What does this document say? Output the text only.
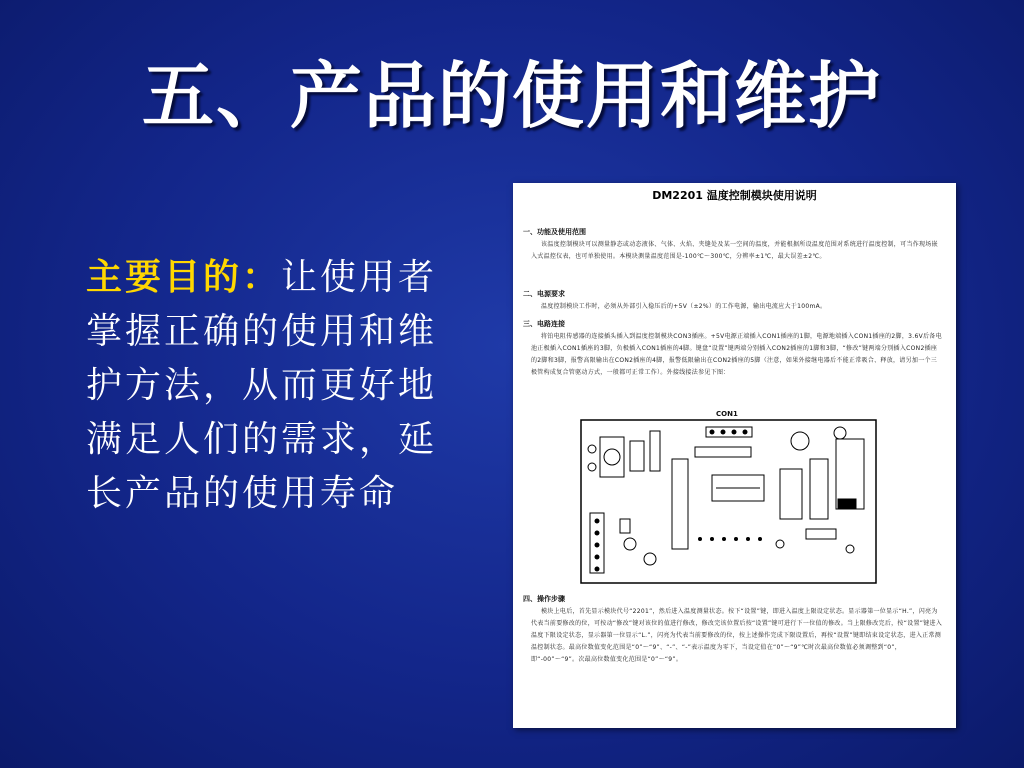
五、产品的使用和维护
主要目的：让使用者掌握正确的使用和维护方法，从而更好地满足人们的需求，延长产品的使用寿命
DM2201 温度控制模块使用说明
一、功能及使用范围
该温度控制模块可以测量静态或动态液体、气体、火焰、夹缝处及某一空间的温度，并能根据所设温度范围对系统进行温度控制，可当作现场嵌入式温控仪表，也可单独使用。本模块测量温度范围是-100℃～300℃，分辨率±1℃，最大误差±2℃。
二、电源要求
温度控制模块工作时，必须从外部引入稳压后的+5V（±2%）的工作电源，输出电流应大于100mA。
三、电路连接
将铂电阻传感器的连接插头插入到温度控制模块CON3插座。+5V电源正端插入CON1插座的1脚，电源地端插入CON1插座的2脚，3.6V后备电池正极插入CON1插座的3脚，负极插入CON1插座的4脚。键盘“设置”键两端分别插入CON2插座的1脚和3脚，“修改”键两端分别插入CON2插座的2脚和3脚，报警高限输出在CON2插座的4脚，报警低限输出在CON2插座的5脚（注意，如果外接继电器后不能正常吸合、释放，请另加一个三极管构成复合管驱动方式，一般都可正常工作）。外接线接法参见下图：
CON1
四、操作步骤
模块上电后，首先显示模块代号“2201”，然后进入温度测量状态。按下“设置”键，即进入温度上限设定状态。显示器第一位显示“H.”，闪亮为代表当前要修改的位，可按动“修改”键对该位的值进行修改，修改完该位置后按“设置”键可进行下一位值的修改。当上限修改完后，按“设置”键进入温度下限设定状态，显示器第一位显示“L.”，闪亮为代表当前要修改的位，按上述操作完成下限设置后，再按“设置”键即结束设定状态，进入正常测温控制状态。最高位数值变化范围是“0”～“9”、“-”、“-”表示温度为零下，当设定值在“0”～“9”℃时次最高位数值必须调整到“0”，即“-00”～“9”。次最高位数值变化范围是“0”～“9”。
